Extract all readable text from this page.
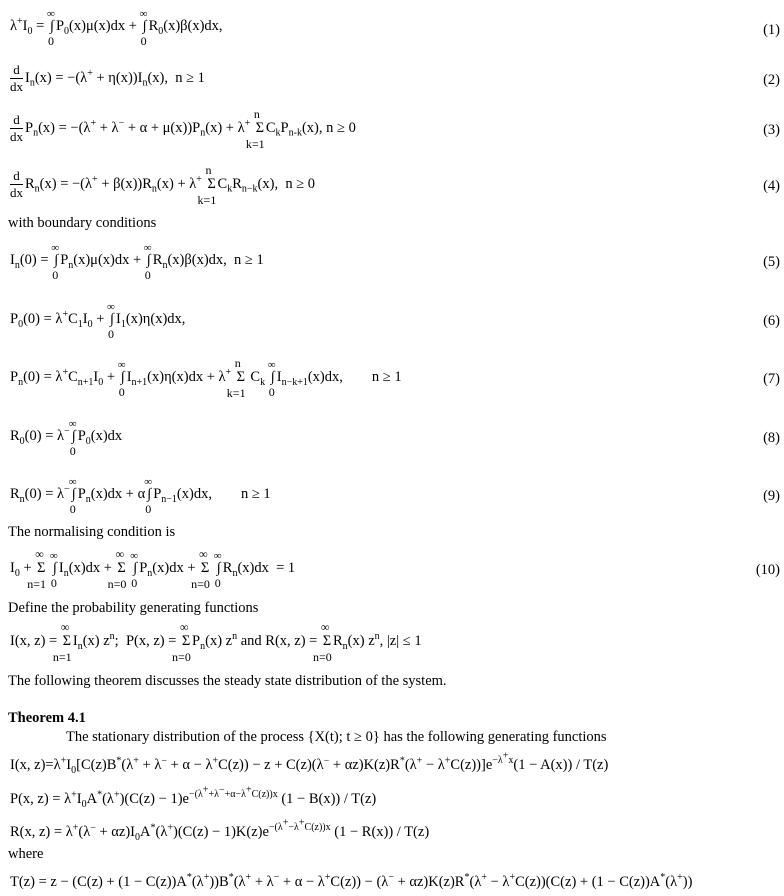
$\lambda^+I_0$ = ∫
∞
0
$P_0(x)\mu(x)dx$ + ∫
∞
0
$R_0(x)\beta(x)dx$,	(1)
$\frac{d}{dx} I_n(x) = -(\lambda^+ + \eta(x))I_n(x)$,  n ≥ 1	(2)
$\frac{d}{dx} P_n(x) = -(\lambda^+ + \lambda^- + \alpha + \mu(x))P_n(x) + \lambda^+$ Σ
n
k=1
$C_kP_{n-k}(x)$, n ≥ 0	(3)
$\frac{d}{dx} R_n(x) = -(\lambda^+ + \beta(x))R_n(x) + \lambda^+$ Σ
n
k=1
$C_kR_{n-k}(x)$,  n ≥ 0	(4)
with boundary conditions
$I_n(0)$ = ∫
∞
0
$P_n(x)\mu(x)dx$ + ∫
∞
0
$R_n(x)\beta(x)dx$,  n ≥ 1	(5)
$P_0(0) = \lambda^+C_1I_0$ + ∫
∞
0
$I_1(x)\eta(x)dx$,	(6)
$P_n(0) = \lambda^+C_{n+1}I_0$ + ∫
∞
0
$I_{n+1}(x)\eta(x)dx + \lambda^+$ Σ
n
k=1
$C_k$ ∫
∞
0
$I_{n-k+1}(x)dx$,        n ≥ 1	(7)
$R_0(0) = \lambda^-$ ∫
∞
0
$P_0(x)dx$	(8)
$R_n(0) = \lambda^-$ ∫
∞
0
$P_n(x)dx + \alpha$ ∫
∞
0
$P_{n-1}(x)dx$,        n ≥ 1	(9)
The normalising condition is
$I_0 + \Sigma$
∞
n=1
∫
∞
0
$I_n(x)dx + \Sigma$
∞
n=0
∫
∞
0
$P_n(x)dx + \Sigma$
∞
n=0
∫
∞
0
$R_n(x)dx = 1$	(10)
Define the probability generating functions
I(x, z) = Σ
∞
n=1
$I_n(x)$ $z^n$;  P(x, z) = Σ
∞
n=0
$P_n(x)$ $z^n$ and R(x, z) = Σ
∞
n=0
$R_n(x)$ $z^n$, |z| ≤ 1
The following theorem discusses the steady state distribution of the system.
Theorem 4.1
The stationary distribution of the process {X(t); t ≥ 0} has the following generating functions
I(x, $z)=\lambda^+I_0[C(z)B^*(\lambda^+ + \lambda^- + \alpha - \lambda^+C(z)) - z + C(z)(\lambda^- + \alpha z)K(z)R^*(\lambda^+ - \lambda^+C(z))]e^{-\lambda^+x}(1 - A(x)) / T(z)$
P(x, $z) = \lambda^+I_0A^*(\lambda^+)(C(z) - 1)e^{-(\lambda^++\lambda^-+\alpha-\lambda^+C(z))x}$ (1 − B(x)) / T(z)
R(x, $z) = \lambda^+(\lambda^- + \alpha z)I_0A^*(\lambda^+)(C(z) - 1)K(z)e^{-(\lambda^+-\lambda^+C(z))x}$ (1 − R(x)) / T(z)
where
T(z) = z − (C(z) + (1 − C(z))A*(λ+))B*(λ+ + λ− + α − λ+C(z)) − (λ− + αz)K(z)R*(λ+ − λ+C(z))(C(z) + (1 − C(z))A*(λ+))
